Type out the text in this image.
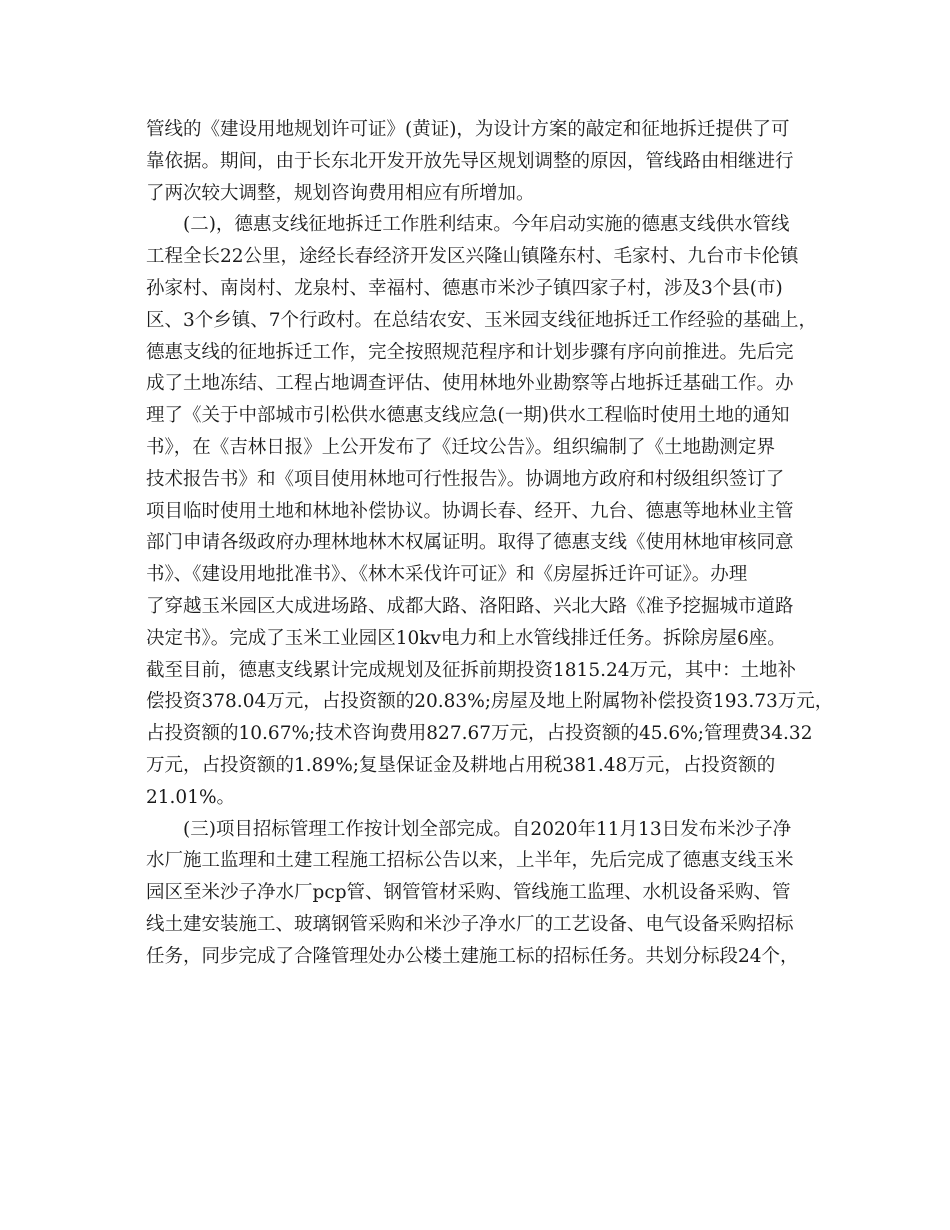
管线的《建设用地规划许可证》(黄证)，为设计方案的敲定和征地拆迁提供了可
靠依据。期间，由于长东北开发开放先导区规划调整的原因，管线路由相继进行
了两次较大调整，规划咨询费用相应有所增加。
(二)，德惠支线征地拆迁工作胜利结束。今年启动实施的德惠支线供水管线
工程全长22公里，途经长春经济开发区兴隆山镇隆东村、毛家村、九台市卡伦镇
孙家村、南岗村、龙泉村、幸福村、德惠市米沙子镇四家子村，涉及3个县(市)
区、3个乡镇、7个行政村。在总结农安、玉米园支线征地拆迁工作经验的基础上，
德惠支线的征地拆迁工作，完全按照规范程序和计划步骤有序向前推进。先后完
成了土地冻结、工程占地调查评估、使用林地外业勘察等占地拆迁基础工作。办
理了《关于中部城市引松供水德惠支线应急(一期)供水工程临时使用土地的通知
书》，在《吉林日报》上公开发布了《迁坟公告》。组织编制了《土地勘测定界
技术报告书》和《项目使用林地可行性报告》。协调地方政府和村级组织签订了
项目临时使用土地和林地补偿协议。协调长春、经开、九台、德惠等地林业主管
部门申请各级政府办理林地林木权属证明。取得了德惠支线《使用林地审核同意
书》、《建设用地批准书》、《林木采伐许可证》和《房屋拆迁许可证》。办理
了穿越玉米园区大成进场路、成都大路、洛阳路、兴北大路《准予挖掘城市道路
决定书》。完成了玉米工业园区10kv电力和上水管线排迁任务。拆除房屋6座。
截至目前，德惠支线累计完成规划及征拆前期投资1815.24万元，其中：土地补
偿投资378.04万元，占投资额的20.83%;房屋及地上附属物补偿投资193.73万元，
占投资额的10.67%;技术咨询费用827.67万元，占投资额的45.6%;管理费34.32
万元，占投资额的1.89%;复垦保证金及耕地占用税381.48万元，占投资额的
21.01%。
(三)项目招标管理工作按计划全部完成。自2020年11月13日发布米沙子净
水厂施工监理和土建工程施工招标公告以来，上半年，先后完成了德惠支线玉米
园区至米沙子净水厂pcp管、钢管管材采购、管线施工监理、水机设备采购、管
线土建安装施工、玻璃钢管采购和米沙子净水厂的工艺设备、电气设备采购招标
任务，同步完成了合隆管理处办公楼土建施工标的招标任务。共划分标段24个，
